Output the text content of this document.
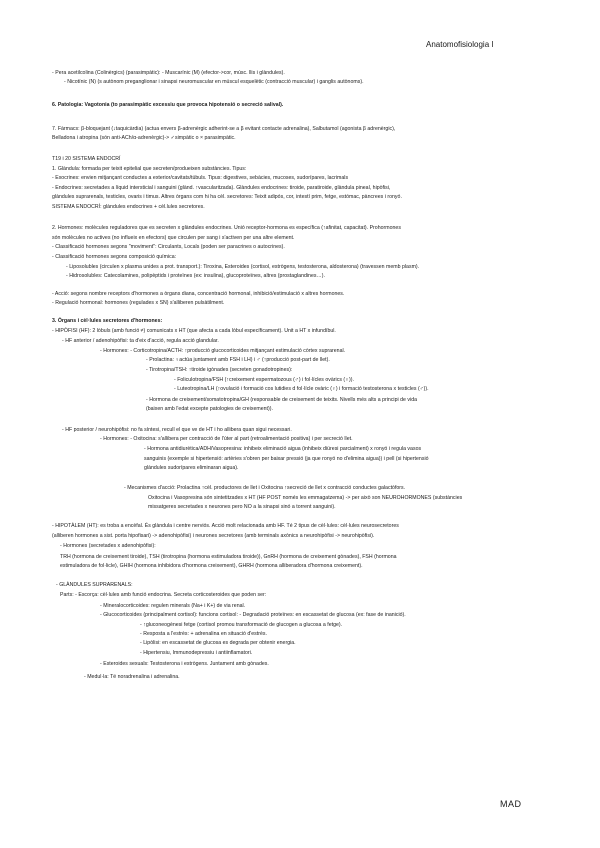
Anatomofisiologia I
- Pera acetilcolina (Colinèrgics) (parasimpàtic): - Muscarínic (M) (efector->cor, músc. llis i glàndules).
- Nicotínic (N) (s autònom preganglionar i sinapsi neuromuscular en múscul esquelètic (contracció muscular) i ganglis autònoms).
6. Patologia: Vagotonia (to parasimpàtic excessiu que provoca hipotensió o secreció salival).
7. Fàrmacs: β-bloquejant (↓taquicàrdia) (actua envers β-adrenèrgic adherint-se a β evitant contacte adrenalina), Salbutamol (agonista β adrenèrgic),
Belladona i atropina (són anti-ACh/α-adrenèrgic)-> ✓simpàtic o × parasimpàtic.
T19 i 20 SISTEMA ENDOCRÍ
1. Glàndula: formada per teixit epitelial que secreten/produeixen substàncies. Tipus:
- Exocrines: envien mitjançant conductes a exterior/cavitats/túbuls. Tipus: digestives, sebàcies, mucoses, sudorípares, lacrimals
- Endocrines: secretades a líquid intersticial i sanguini (glànd. ↑vascularitzada). Glàndules endocrines: tiroide, paratiroide, glàndula pineal, hipòfisi,
glàndules suprarenals, testicles, ovaris i timus. Altres òrgans com hi ha cèl. secretores: Teixit adipós, cor, intestí prim, fetge, estómac, pàncrees i ronyó.
SISTEMA ENDOCRÍ: glàndules endocrines + cèl.lules secretores.
2. Hormones: molècules reguladores que es secreten x glàndules endocrines. Unió receptor-hormona es específica (↑afinitat, capacitat). Prohormones
són molècules no actives (no influeix en efectors) que circulen per sang i s'activen per una altre element.
- Classificació hormones segons "moviment": Circulants, Locals (poden ser paracrines o autocrines).
- Classificació hormones segons composició química:
- Liposolubles (circulen x plasma unides a prot. transport.): Tiroxina, Esteroides (cortisol, estrògens, testosterona, aldosterona) (travessen memb plasm).
- Hidrosolubles: Catecolamines, polipèptids i proteïnes (ex: insulina), glucoproteïnes, altres (prostaglandines…).
- Acció: segons nombre receptors d'hormones a òrgans diana, concentració hormonal, inhibició/estimulació x altres hormones.
- Regulació hormonal: hormones (regulades x SN) s'alliberen pulsàtilment.
3. Òrgans i cèl·lules secretores d'hormones:
- HIPÒFISI (HF): 2 lòbuls (amb funció ≠) comunicats x HT (que afecta a cada lòbul específicament). Unit a HT x infundíbul.
- HF anterior / adenohipòfisi: ta d'eix d'acció, regula acció glandular.
- Hormones: - Corticotropina/ACTH: ↑producció glucocorticoides mitjançant estimulació còrtex suprarenal.
- Prolactina: ♀actúa juntament amb FSH i LH) i ♂ (↑producció post-part de llet).
- Tirotropina/TSH: ↑tiroide igònades (secreten gonadotropines):
- Foliculotropina/FSH (↑creixement espermatozous (♂) i fol·lícles ovàrics (♀)).
- Luteotropina/LH (↑ovulació i formació cos lutidies d fol·lícle ovàric (♀) i formació testosterona x testicles (♂)).
- Hormona de creixement/somatotropina/GH (responsable de creixement de teixits. Nivells més alts a principi de vida
(baixen amb l'edat excepte patologies de creixement)).
- HF posterior / neurohipòfisi: no fa síntesi, recull el que ve de HT i ho allibera quan sigui necessari.
- Hormones: - Oxitocina: s'allibera per contracció de l'úter al part (retroalimentació positiva) i per secreció llet.
- Hormona antidiurètica/ADH/Vasopresina: inhibeix eliminació aigua (inhibeix diüresi parcialment) x ronyó i regula vasos
sanguinis (exemple si hipertensió: artèries s'obren per baixar pressió (ja que ronyó no d'elimina aigua)) i pell (si hipertensió
glàndules sudorípares eliminaran aigua).
- Mecanismes d'acció: Prolactina ↑cèl. productores de llet i Oxitocina ↑secreció de llet x contracció conductes galactòfors.
Oxitocina i Vasopresina són sintetitzades x HT (HF POST només les emmagatzema) -> per això son NEUROHORMONES (substàncies
missatgeres secretades x neurones pero NO a la sinapsi sinó a torrent sanguini).
- HIPOTÀLEM (HT): es troba a encèfal. És glàndula i centre nerviós. Acció molt relacionada amb HF. Té 2 tipus de cèl·lules: cèl·lules neurosecretores
(alliberen hormones a sist. porta hipofisari) -> adenohipòfisi) i neurones secretores (amb terminals axònics a neurohipòfisi -> neurohipòfisi).
- Hormones (secretades x adenohipòfisi):
TRH (hormona de creixement tiroide), TSH (tirotropina (hormona estimuladora tiroide)), GnRH (hormona de creixement gònades), FSH (hormona
estimuladora de fol·licle), GHIH (hormona inhibidora d'hormona creixement), GHRH (hormona alliberadora d'hormona creixement).
- GLÀNDULES SUPRARENALS:
Parts: - Escorça: cèl·lules amb funció endocrina. Secreta corticosteroides que poden ser:
- Mineralocorticoides: regulen minerals (Na+ i K+) de via renal.
- Glucocorticoides (principalment cortisol): funcions cortisol: - Degradació proteïnes: en escassetat de glucosa (ex: fase de inanició).
- ↑gluconeogènesi fetge (cortisol promou transformació de glucogen a glucosa a fetge).
- Resposta a l'estrès: + adrenalina en situació d'estrès.
- Lipòlisi: en escassetat de glucosa es degrada per obtenir energia.
- Hipertensiu, Immunodepressiu i antiinflamatori.
- Esteroides sexuals: Testosterona i estrògens. Juntament amb gònades.
- Medul·la: Té noradrenalina i adrenalina.
MAD
